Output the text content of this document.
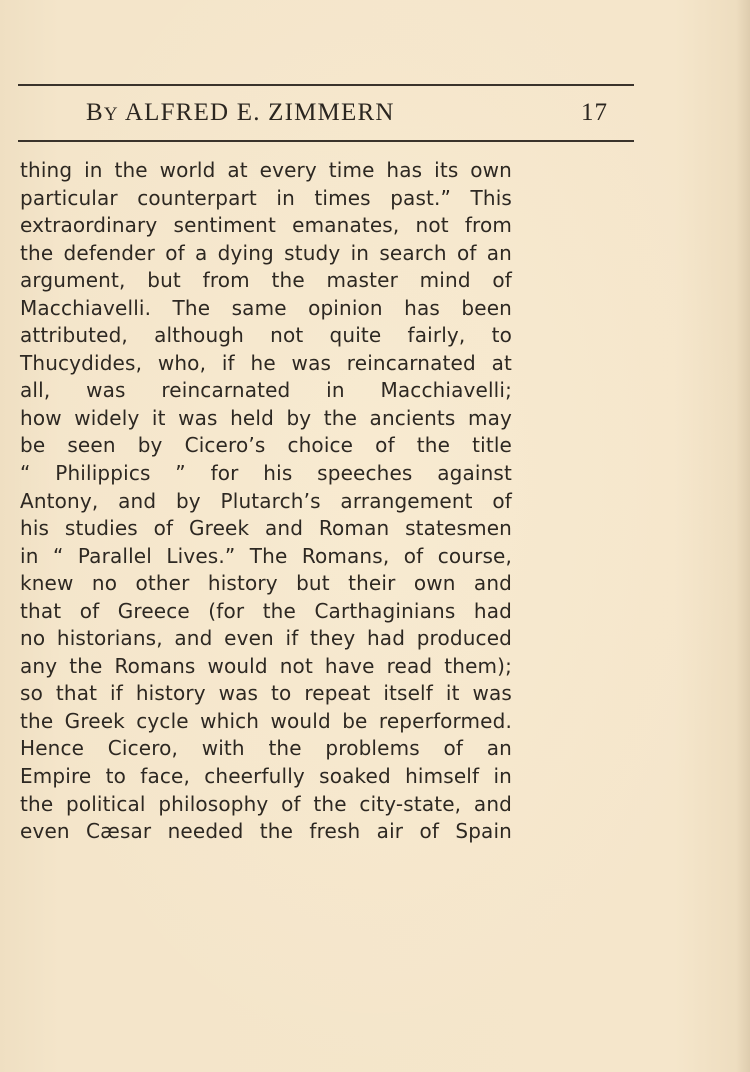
BY ALFRED E. ZIMMERN	17
thing in the world at every time has its own
particular counterpart in times past.” This
extraordinary sentiment emanates, not from
the defender of a dying study in search of an
argument, but from the master mind of
Macchiavelli. The same opinion has been
attributed, although not quite fairly, to
Thucydides, who, if he was reincarnated at
all, was reincarnated in Macchiavelli;
how widely it was held by the ancients may
be seen by Cicero’s choice of the title
“ Philippics ” for his speeches against
Antony, and by Plutarch’s arrangement of
his studies of Greek and Roman statesmen
in “ Parallel Lives.” The Romans, of course,
knew no other history but their own and
that of Greece (for the Carthaginians had
no historians, and even if they had produced
any the Romans would not have read them);
so that if history was to repeat itself it was
the Greek cycle which would be reperformed.
Hence Cicero, with the problems of an
Empire to face, cheerfully soaked himself in
the political philosophy of the city-state, and
even Cæsar needed the fresh air of Spain
